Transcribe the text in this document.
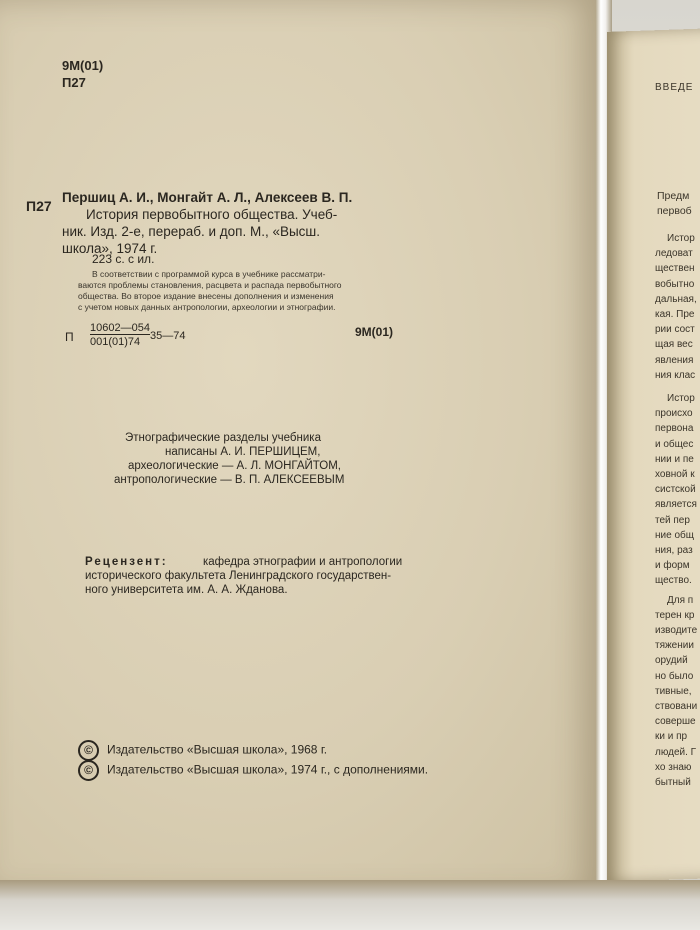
9М(01)
П27
П27
Першиц А. И., Монгайт А. Л., Алексеев В. П.
История первобытного общества. Учеб-
ник. Изд. 2-е, перераб. и доп. М., «Высш.
школа», 1974 г.
223 с. с ил.
В соответствии с программой курса в учебнике рассматри-
ваются проблемы становления, расцвета и распада первобытного
общества. Во второе издание внесены дополнения и изменения
с учетом новых данных антропологии, археологии и этнографии.
П
10602—054
001(01)74 35—74	9М(01)
Этнографические разделы учебника
написаны А. И. ПЕРШИЦЕМ,
археологические — А. Л. МОНГАЙТОМ,
антропологические — В. П. АЛЕКСЕЕВЫМ
Рецензент:	кафедра этнографии и антропологии
исторического факультета Ленинградского государствен-
ного университета им. А. А. Жданова.
© Издательство «Высшая школа», 1968 г.
© Издательство «Высшая школа», 1974 г., с дополнениями.
ВВЕДЕ
Предм
первоб
Истор
ледоват
ществен
вобытно
дальная,
кая. Пре
рии сост
щая вес
явления
ния клас
Истор
происхо
первона
и общес
нии и пе
ховной к
систской
является
тей пер
ние общ
ния, раз
и форм
щество.
Для п
терен кр
изводите
тяжении
орудий
но было
тивные,
ствовани
совершe
ки и пр
людей. Г
хо знаю
бытный
